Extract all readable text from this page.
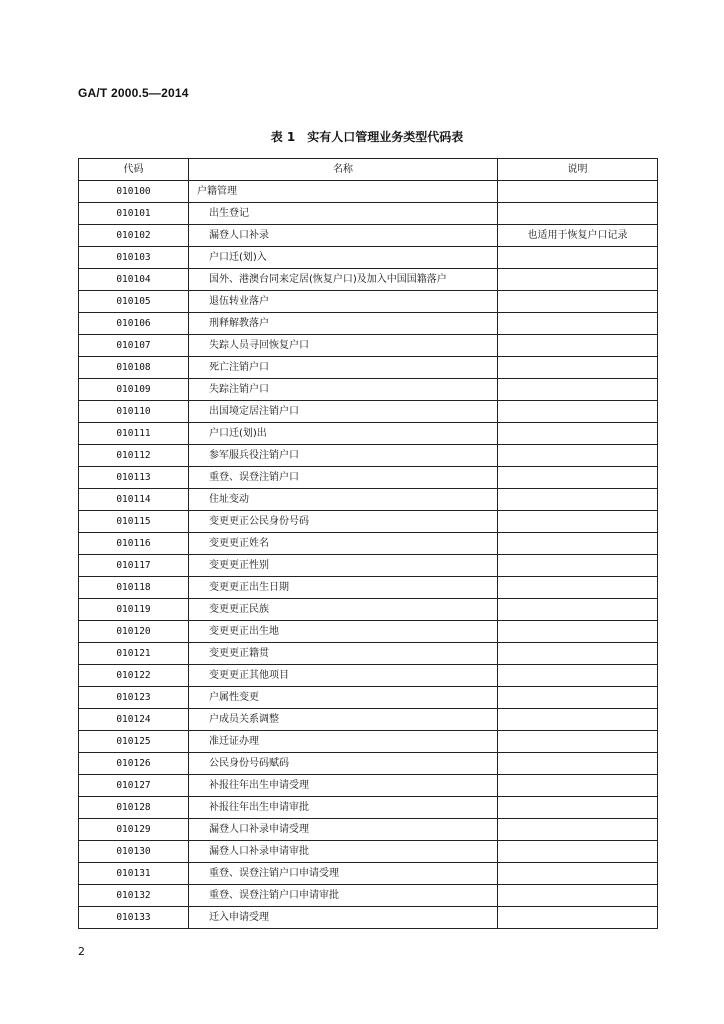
GA/T 2000.5—2014
表 1 实有人口管理业务类型代码表
代码	名称	说明
010100	户籍管理	
010101	出生登记	
010102	漏登人口补录	也适用于恢复户口记录
010103	户口迁(划)入	
010104	国外、港澳台同来定居(恢复户口)及加入中国国籍落户	
010105	退伍转业落户	
010106	刑释解教落户	
010107	失踪人员寻回恢复户口	
010108	死亡注销户口	
010109	失踪注销户口	
010110	出国境定居注销户口	
010111	户口迁(划)出	
010112	参军服兵役注销户口	
010113	重登、误登注销户口	
010114	住址变动	
010115	变更更正公民身份号码	
010116	变更更正姓名	
010117	变更更正性别	
010118	变更更正出生日期	
010119	变更更正民族	
010120	变更更正出生地	
010121	变更更正籍贯	
010122	变更更正其他项目	
010123	户属性变更	
010124	户成员关系调整	
010125	准迁证办理	
010126	公民身份号码赋码	
010127	补报往年出生申请受理	
010128	补报往年出生申请审批	
010129	漏登人口补录申请受理	
010130	漏登人口补录申请审批	
010131	重登、误登注销户口申请受理	
010132	重登、误登注销户口申请审批	
010133	迁入申请受理	
2
